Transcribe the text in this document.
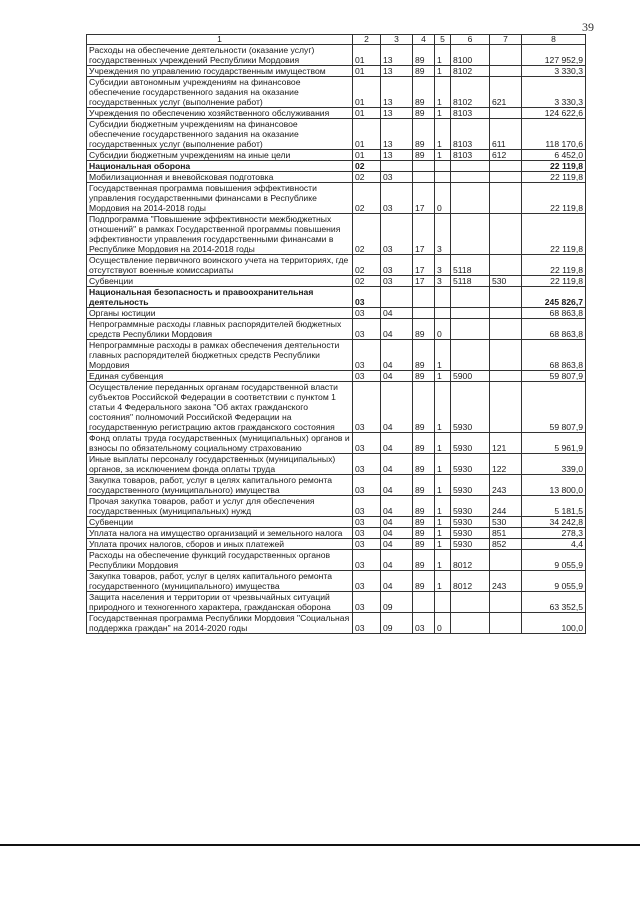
39
1	2	3	4	5	6	7	8
Расходы на обеспечение деятельности (оказание услуг) государственных учреждений Республики Мордовия	01	13	89	1	8100		127 952,9
Учреждения по управлению государственным имуществом	01	13	89	1	8102		3 330,3
Субсидии автономным учреждениям на финансовое обеспечение государственного задания на оказание государственных услуг (выполнение работ)	01	13	89	1	8102	621	3 330,3
Учреждения по обеспечению хозяйственного обслуживания	01	13	89	1	8103		124 622,6
Субсидии бюджетным учреждениям на финансовое обеспечение государственного задания на оказание государственных услуг (выполнение работ)	01	13	89	1	8103	611	118 170,6
Субсидии бюджетным учреждениям на иные цели	01	13	89	1	8103	612	6 452,0
Национальная оборона	02						22 119,8
Мобилизационная и вневойсковая подготовка	02	03					22 119,8
Государственная программа повышения эффективности управления государственными финансами в Республике Мордовия на 2014-2018 годы	02	03	17	0			22 119,8
Подпрограмма "Повышение эффективности межбюджетных отношений" в рамках Государственной программы повышения эффективности управления государственными финансами в Республике Мордовия на 2014-2018 годы	02	03	17	3			22 119,8
Осуществление первичного воинского учета на территориях, где отсутствуют военные комиссариаты	02	03	17	3	5118		22 119,8
Субвенции	02	03	17	3	5118	530	22 119,8
Национальная безопасность и правоохранительная деятельность	03						245 826,7
Органы юстиции	03	04					68 863,8
Непрограммные расходы главных распорядителей бюджетных средств Республики Мордовия	03	04	89	0			68 863,8
Непрограммные расходы в рамках обеспечения деятельности главных распорядителей бюджетных средств Республики Мордовия	03	04	89	1			68 863,8
Единая субвенция	03	04	89	1	5900		59 807,9
Осуществление переданных органам государственной власти субъектов Российской Федерации в соответствии с пунктом 1 статьи 4 Федерального закона "Об актах гражданского состояния" полномочий Российской Федерации на государственную регистрацию актов гражданского состояния	03	04	89	1	5930		59 807,9
Фонд оплаты труда государственных (муниципальных) органов и взносы по обязательному социальному страхованию	03	04	89	1	5930	121	5 961,9
Иные выплаты персоналу государственных (муниципальных) органов, за исключением фонда оплаты труда	03	04	89	1	5930	122	339,0
Закупка товаров, работ, услуг в целях капитального ремонта государственного (муниципального) имущества	03	04	89	1	5930	243	13 800,0
Прочая закупка товаров, работ и услуг для обеспечения государственных (муниципальных) нужд	03	04	89	1	5930	244	5 181,5
Субвенции	03	04	89	1	5930	530	34 242,8
Уплата налога на имущество организаций и земельного налога	03	04	89	1	5930	851	278,3
Уплата прочих налогов, сборов и иных платежей	03	04	89	1	5930	852	4,4
Расходы на обеспечение функций государственных органов Республики Мордовия	03	04	89	1	8012		9 055,9
Закупка товаров, работ, услуг в целях капитального ремонта государственного (муниципального) имущества	03	04	89	1	8012	243	9 055,9
Защита населения и территории от чрезвычайных ситуаций природного и техногенного характера, гражданская оборона	03	09					63 352,5
Государственная программа Республики Мордовия "Социальная поддержка граждан" на 2014-2020 годы	03	09	03	0			100,0
